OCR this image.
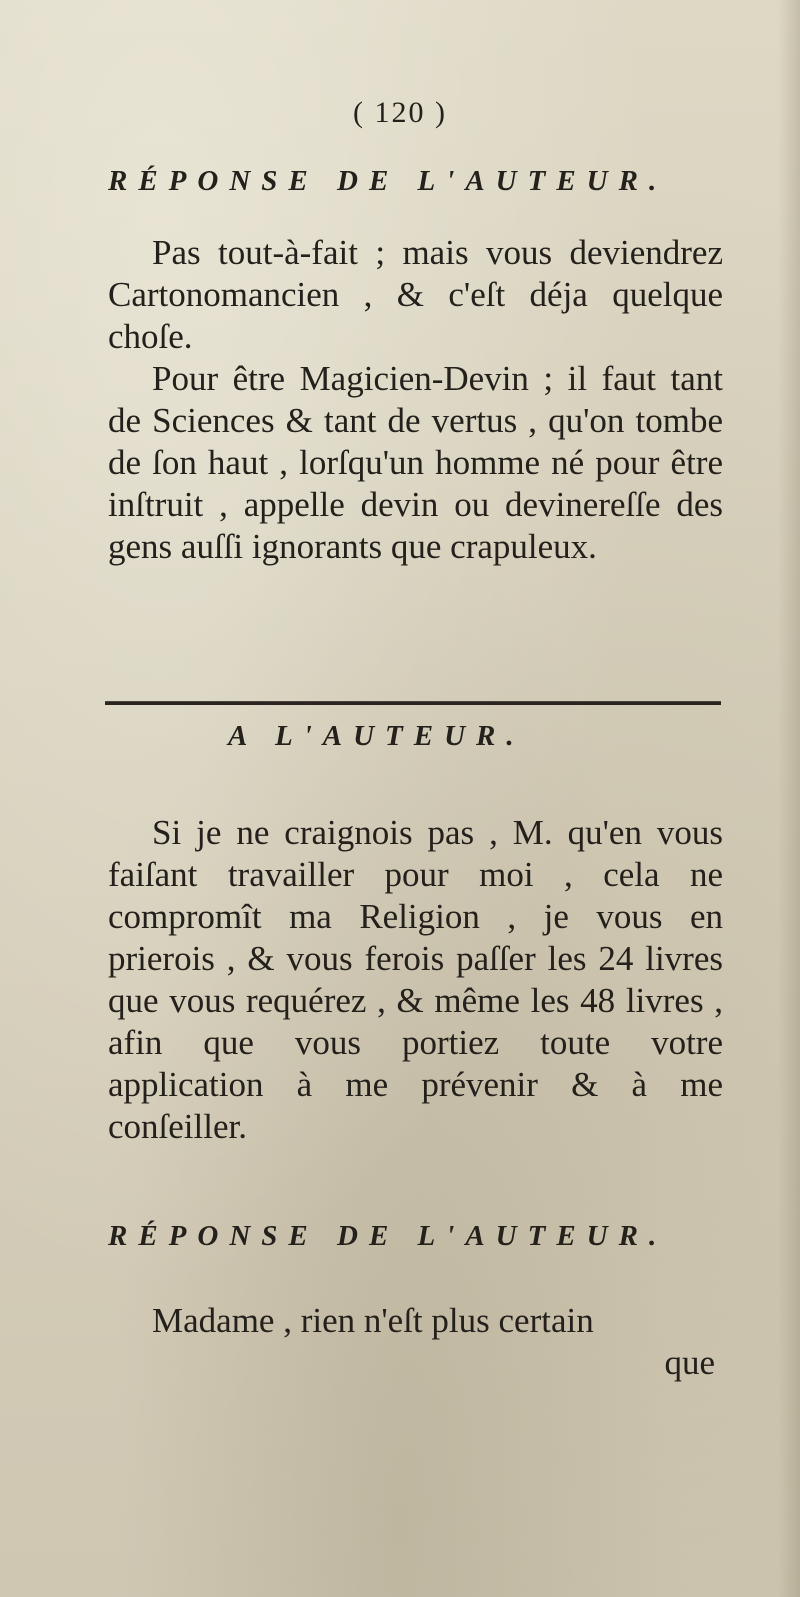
( 120 )
RÉPONSE DE L'AUTEUR.

Pas tout-à-fait ; mais vous deviendrez Cartonomancien , & c'eſt déja quelque choſe.

Pour être Magicien-Devin ; il faut tant de Sciences & tant de vertus , qu'on tombe de ſon haut , lorſqu'un homme né pour être inſtruit , appelle devin ou devinereſſe des gens auſſi ignorants que crapuleux.

A L'AUTEUR.

Si je ne craignois pas , M. qu'en vous faiſant travailler pour moi , cela ne compromît ma Religion , je vous en prierois , & vous ferois paſſer les 24 livres que vous requérez , & même les 48 livres , afin que vous portiez toute votre application à me prévenir & à me conſeiller.

RÉPONSE DE L'AUTEUR.

Madame , rien n'eſt plus certain

que
